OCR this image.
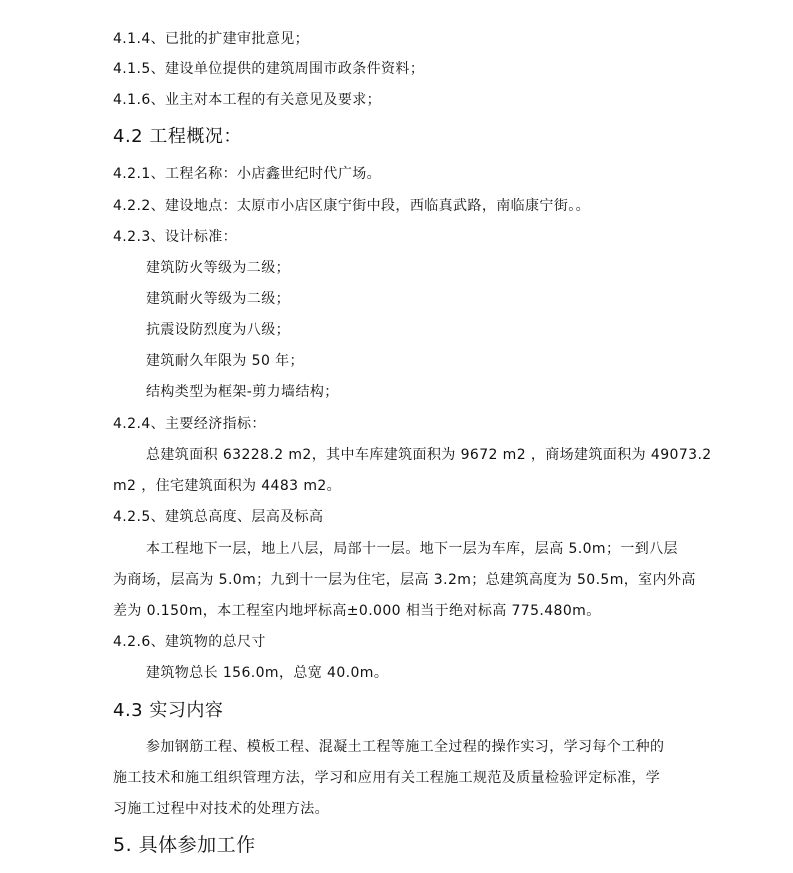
4.1.4、已批的扩建审批意见；
4.1.5、建设单位提供的建筑周围市政条件资料；
4.1.6、业主对本工程的有关意见及要求；
4.2 工程概况：
4.2.1、工程名称：小店鑫世纪时代广场。
4.2.2、建设地点：太原市小店区康宁街中段，西临真武路，南临康宁街。。
4.2.3、设计标准：
建筑防火等级为二级；
建筑耐火等级为二级；
抗震设防烈度为八级；
建筑耐久年限为 50 年；
结构类型为框架-剪力墙结构；
4.2.4、主要经济指标：
总建筑面积 63228.2 m2，其中车库建筑面积为 9672 m2 ，商场建筑面积为 49073.2
m2 ，住宅建筑面积为 4483 m2。
4.2.5、建筑总高度、层高及标高
本工程地下一层，地上八层，局部十一层。地下一层为车库，层高 5.0m；一到八层
为商场，层高为 5.0m；九到十一层为住宅，层高 3.2m；总建筑高度为 50.5m，室内外高
差为 0.150m，本工程室内地坪标高±0.000 相当于绝对标高 775.480m。
4.2.6、建筑物的总尺寸
建筑物总长 156.0m，总宽 40.0m。
4.3 实习内容
参加钢筋工程、模板工程、混凝土工程等施工全过程的操作实习，学习每个工种的
施工技术和施工组织管理方法，学习和应用有关工程施工规范及质量检验评定标准，学
习施工过程中对技术的处理方法。
5. 具体参加工作
